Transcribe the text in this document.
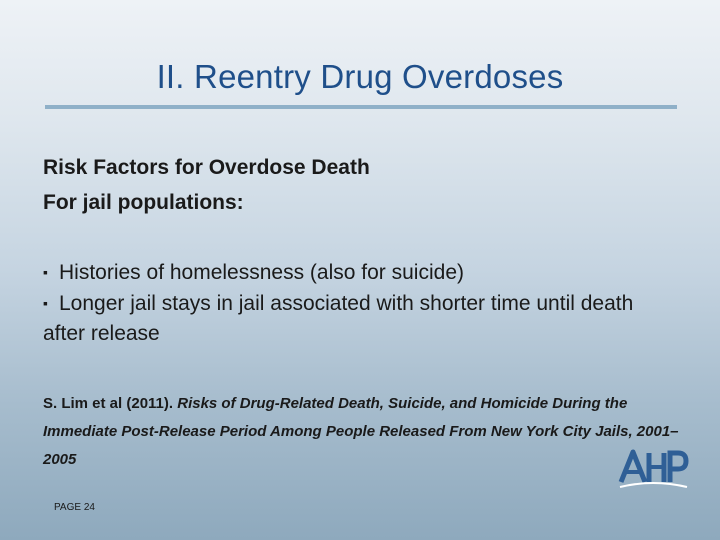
II. Reentry Drug Overdoses
Risk Factors for Overdose Death
For jail populations:
▪ Histories of homelessness (also for suicide)
▪ Longer jail stays in jail associated with shorter time until death after release
S. Lim et al (2011). Risks of Drug-Related Death, Suicide, and Homicide During the Immediate Post-Release Period Among People Released From New York City Jails, 2001–2005
PAGE 24
